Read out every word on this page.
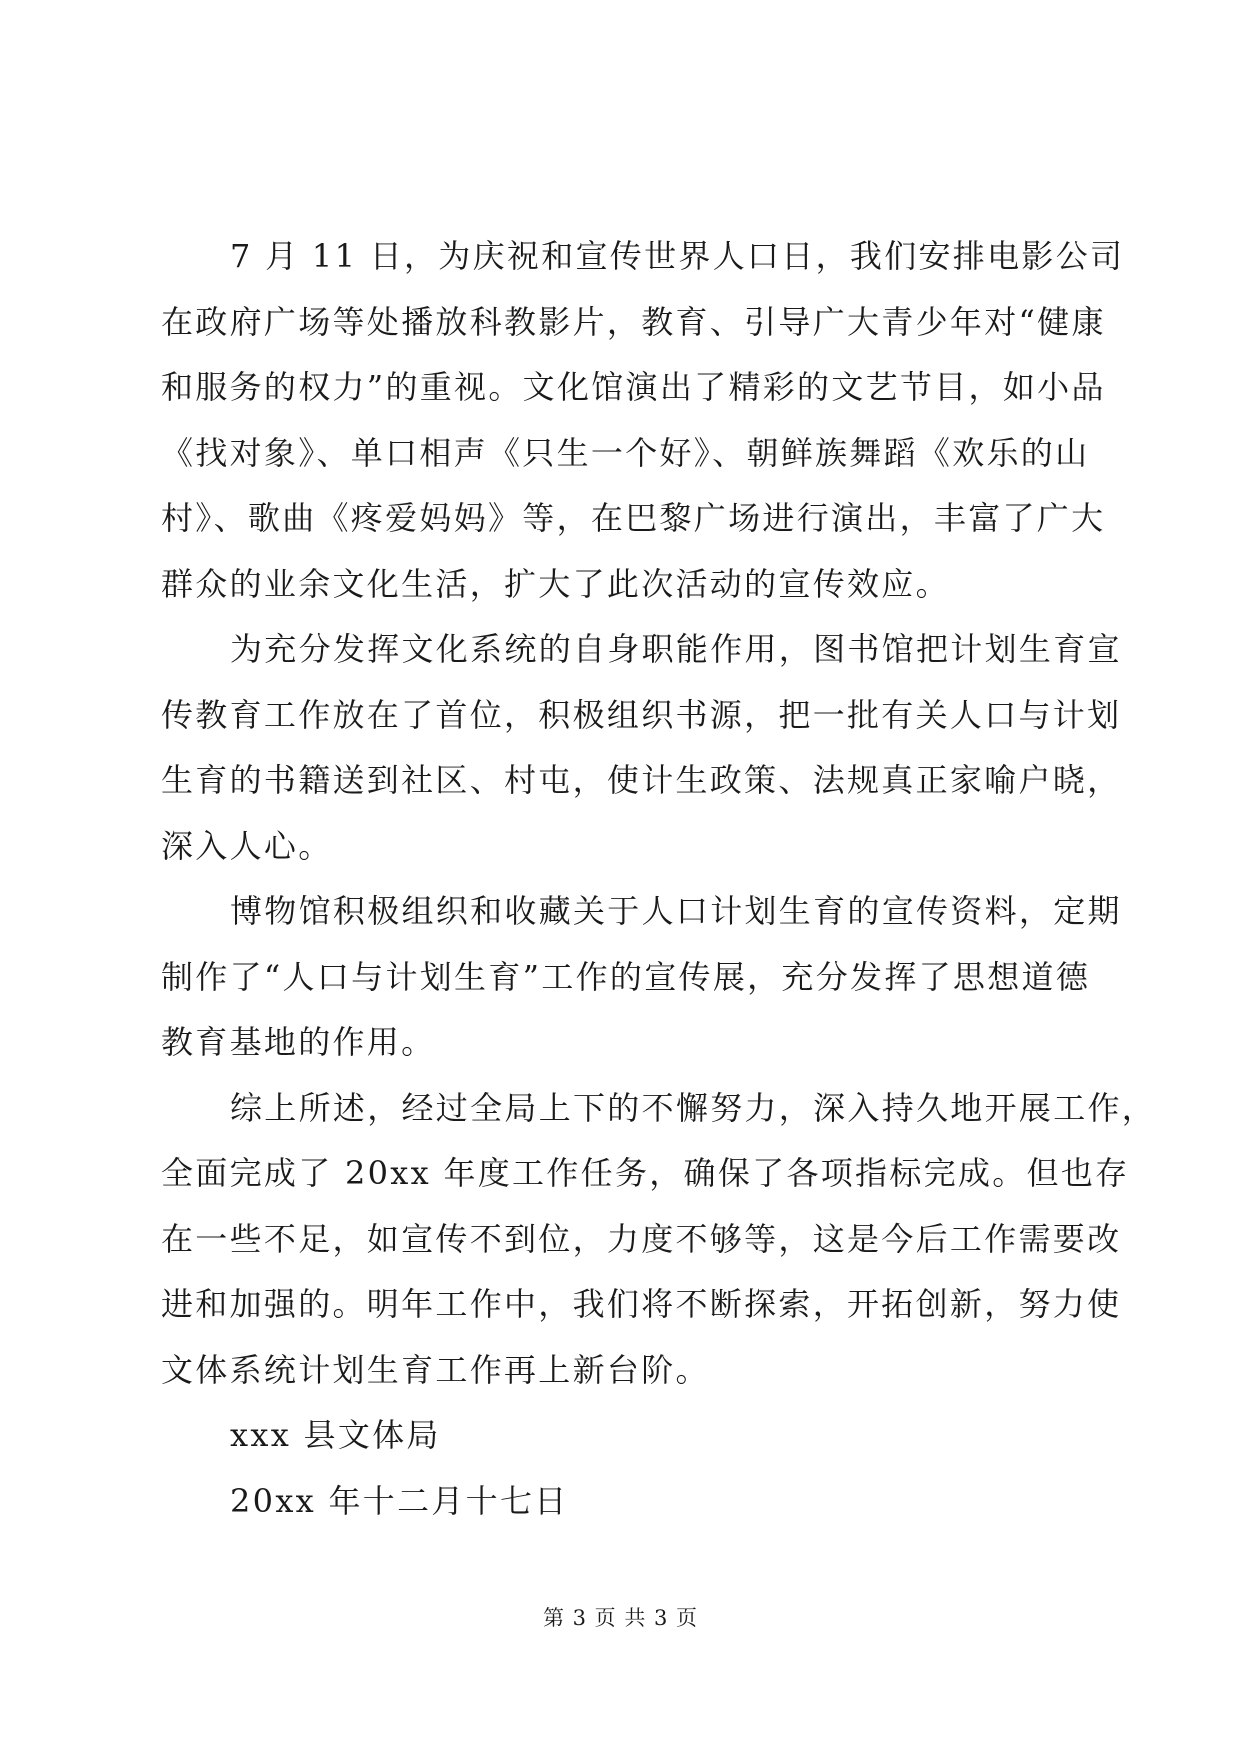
7 月 11 日，为庆祝和宣传世界人口日，我们安排电影公司
在政府广场等处播放科教影片，教育、引导广大青少年对“健康
和服务的权力”的重视。文化馆演出了精彩的文艺节目，如小品
《找对象》、单口相声《只生一个好》、朝鲜族舞蹈《欢乐的山
村》、歌曲《疼爱妈妈》等，在巴黎广场进行演出，丰富了广大
群众的业余文化生活，扩大了此次活动的宣传效应。
为充分发挥文化系统的自身职能作用，图书馆把计划生育宣
传教育工作放在了首位，积极组织书源，把一批有关人口与计划
生育的书籍送到社区、村屯，使计生政策、法规真正家喻户晓，
深入人心。
博物馆积极组织和收藏关于人口计划生育的宣传资料，定期
制作了“人口与计划生育”工作的宣传展，充分发挥了思想道德
教育基地的作用。
综上所述，经过全局上下的不懈努力，深入持久地开展工作，
全面完成了 20xx 年度工作任务，确保了各项指标完成。但也存
在一些不足，如宣传不到位，力度不够等，这是今后工作需要改
进和加强的。明年工作中，我们将不断探索，开拓创新，努力使
文体系统计划生育工作再上新台阶。
xxx 县文体局
20xx 年十二月十七日
第 3 页 共 3 页
